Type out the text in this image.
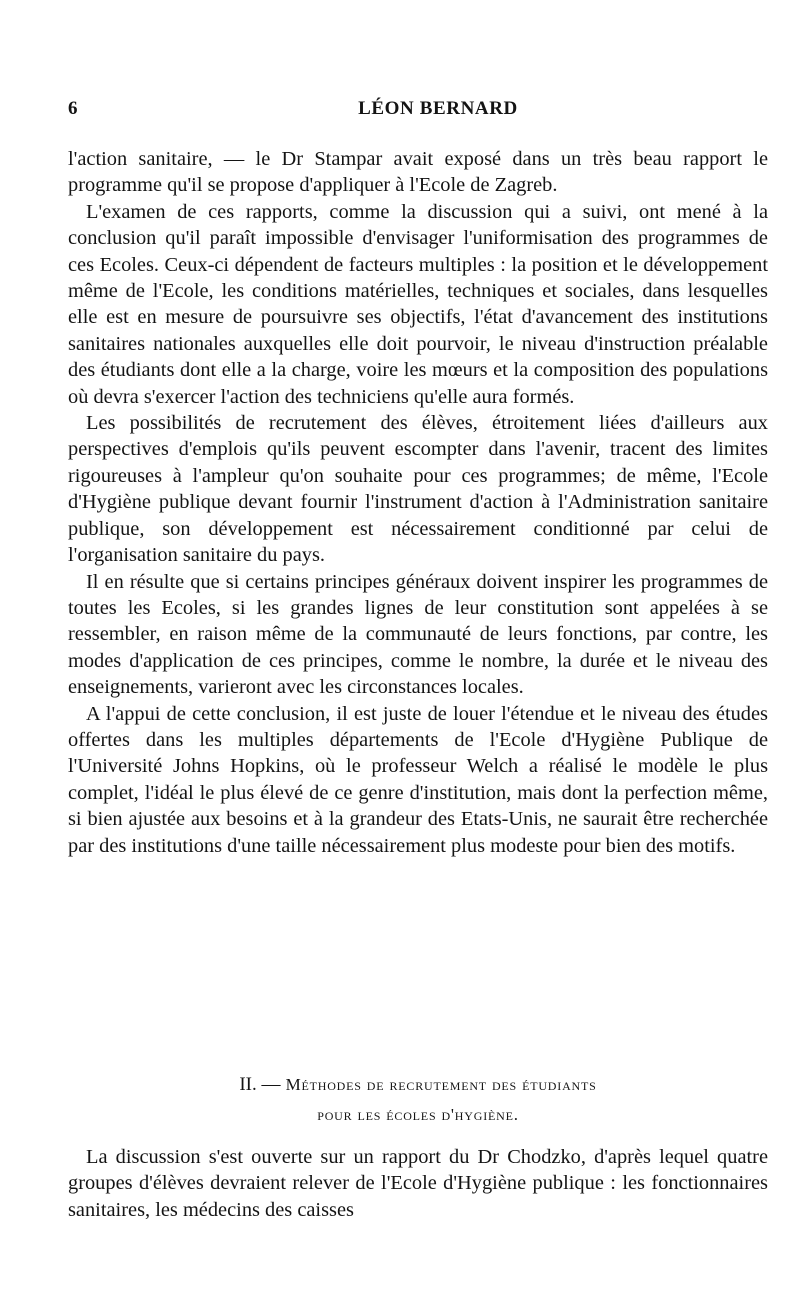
6	LÉON BERNARD

l'action sanitaire, — le Dr Stampar avait exposé dans un très beau rapport le programme qu'il se propose d'appliquer à l'Ecole de Zagreb.

L'examen de ces rapports, comme la discussion qui a suivi, ont mené à la conclusion qu'il paraît impossible d'envisager l'uniformisation des programmes de ces Ecoles. Ceux-ci dépendent de facteurs multiples : la position et le développement même de l'Ecole, les conditions matérielles, techniques et sociales, dans lesquelles elle est en mesure de poursuivre ses objectifs, l'état d'avancement des institutions sanitaires nationales auxquelles elle doit pourvoir, le niveau d'instruction préalable des étudiants dont elle a la charge, voire les mœurs et la composition des populations où devra s'exercer l'action des techniciens qu'elle aura formés.

Les possibilités de recrutement des élèves, étroitement liées d'ailleurs aux perspectives d'emplois qu'ils peuvent escompter dans l'avenir, tracent des limites rigoureuses à l'ampleur qu'on souhaite pour ces programmes; de même, l'Ecole d'Hygiène publique devant fournir l'instrument d'action à l'Administration sanitaire publique, son développement est nécessairement conditionné par celui de l'organisation sanitaire du pays.

Il en résulte que si certains principes généraux doivent inspirer les programmes de toutes les Ecoles, si les grandes lignes de leur constitution sont appelées à se ressembler, en raison même de la communauté de leurs fonctions, par contre, les modes d'application de ces principes, comme le nombre, la durée et le niveau des enseignements, varieront avec les circonstances locales.

A l'appui de cette conclusion, il est juste de louer l'étendue et le niveau des études offertes dans les multiples départements de l'Ecole d'Hygiène Publique de l'Université Johns Hopkins, où le professeur Welch a réalisé le modèle le plus complet, l'idéal le plus élevé de ce genre d'institution, mais dont la perfection même, si bien ajustée aux besoins et à la grandeur des Etats-Unis, ne saurait être recherchée par des institutions d'une taille nécessairement plus modeste pour bien des motifs.

II. — Méthodes de recrutement des étudiants
pour les écoles d'hygiène.

La discussion s'est ouverte sur un rapport du Dr Chodzko, d'après lequel quatre groupes d'élèves devraient relever de l'Ecole d'Hygiène publique : les fonctionnaires sanitaires, les médecins des caisses
